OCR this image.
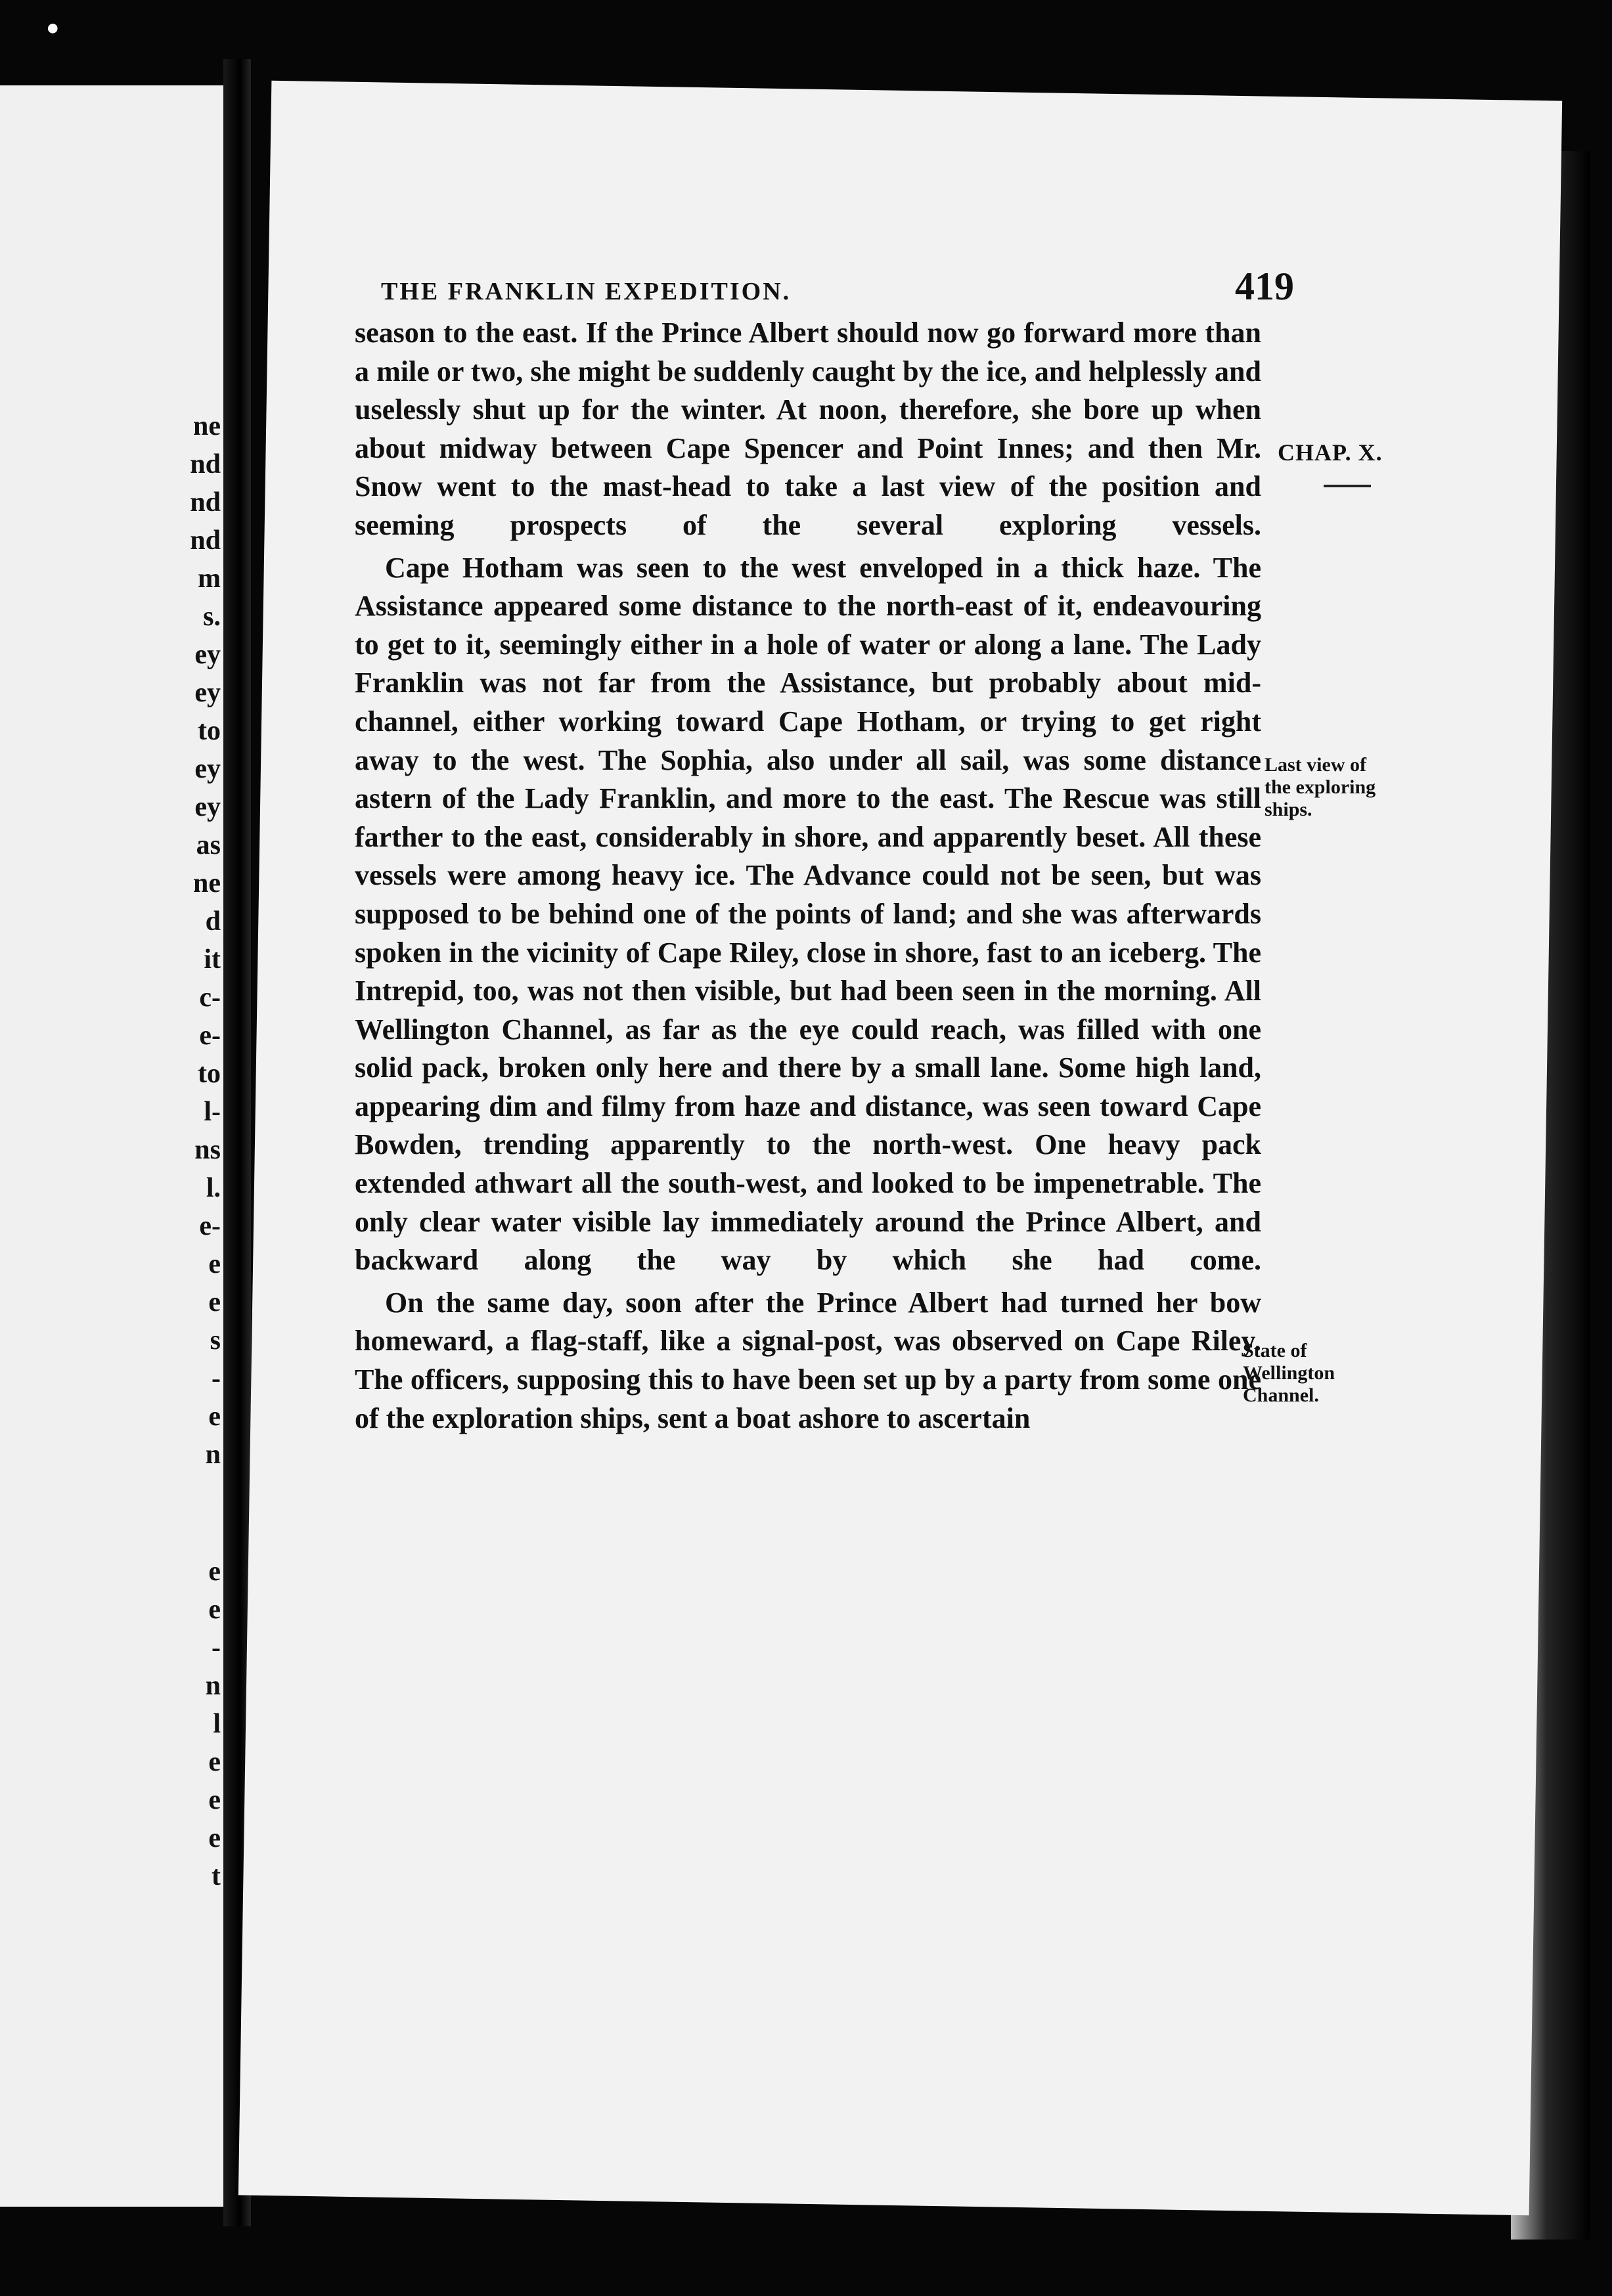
●
ne
nd
nd
nd
m
s.
ey
ey
to
ey
ey
as
ne
d
it
c-
e-
to
l-
ns
l.
e-
e
e
s
-
e
n
e
e
-
n
l
e
e
e
t
THE FRANKLIN EXPEDITION.	419

season to the east. If the Prince Albert should now go forward more than a mile or two, she might be suddenly caught by the ice, and helplessly and uselessly shut up for the winter. At noon, therefore, she bore up when about midway between Cape Spencer and Point Innes; and then Mr. Snow went to the mast-head to take a last view of the position and seeming prospects of the several exploring vessels.

Cape Hotham was seen to the west enveloped in a thick haze. The Assistance appeared some distance to the north-east of it, endeavouring to get to it, seemingly either in a hole of water or along a lane. The Lady Franklin was not far from the Assistance, but probably about mid-channel, either working toward Cape Hotham, or trying to get right away to the west. The Sophia, also under all sail, was some distance astern of the Lady Franklin, and more to the east. The Rescue was still farther to the east, considerably in shore, and apparently beset. All these vessels were among heavy ice. The Advance could not be seen, but was supposed to be behind one of the points of land; and she was afterwards spoken in the vicinity of Cape Riley, close in shore, fast to an iceberg. The Intrepid, too, was not then visible, but had been seen in the morning. All Wellington Channel, as far as the eye could reach, was filled with one solid pack, broken only here and there by a small lane. Some high land, appearing dim and filmy from haze and distance, was seen toward Cape Bowden, trending apparently to the north-west. One heavy pack extended athwart all the south-west, and looked to be impenetrable. The only clear water visible lay immediately around the Prince Albert, and backward along the way by which she had come.

On the same day, soon after the Prince Albert had turned her bow homeward, a flag-staff, like a signal-post, was observed on Cape Riley. The officers, supposing this to have been set up by a party from some one of the exploration ships, sent a boat ashore to ascertain

CHAP. X.
Last view of
the exploring
ships.
State of
Wellington
Channel.
